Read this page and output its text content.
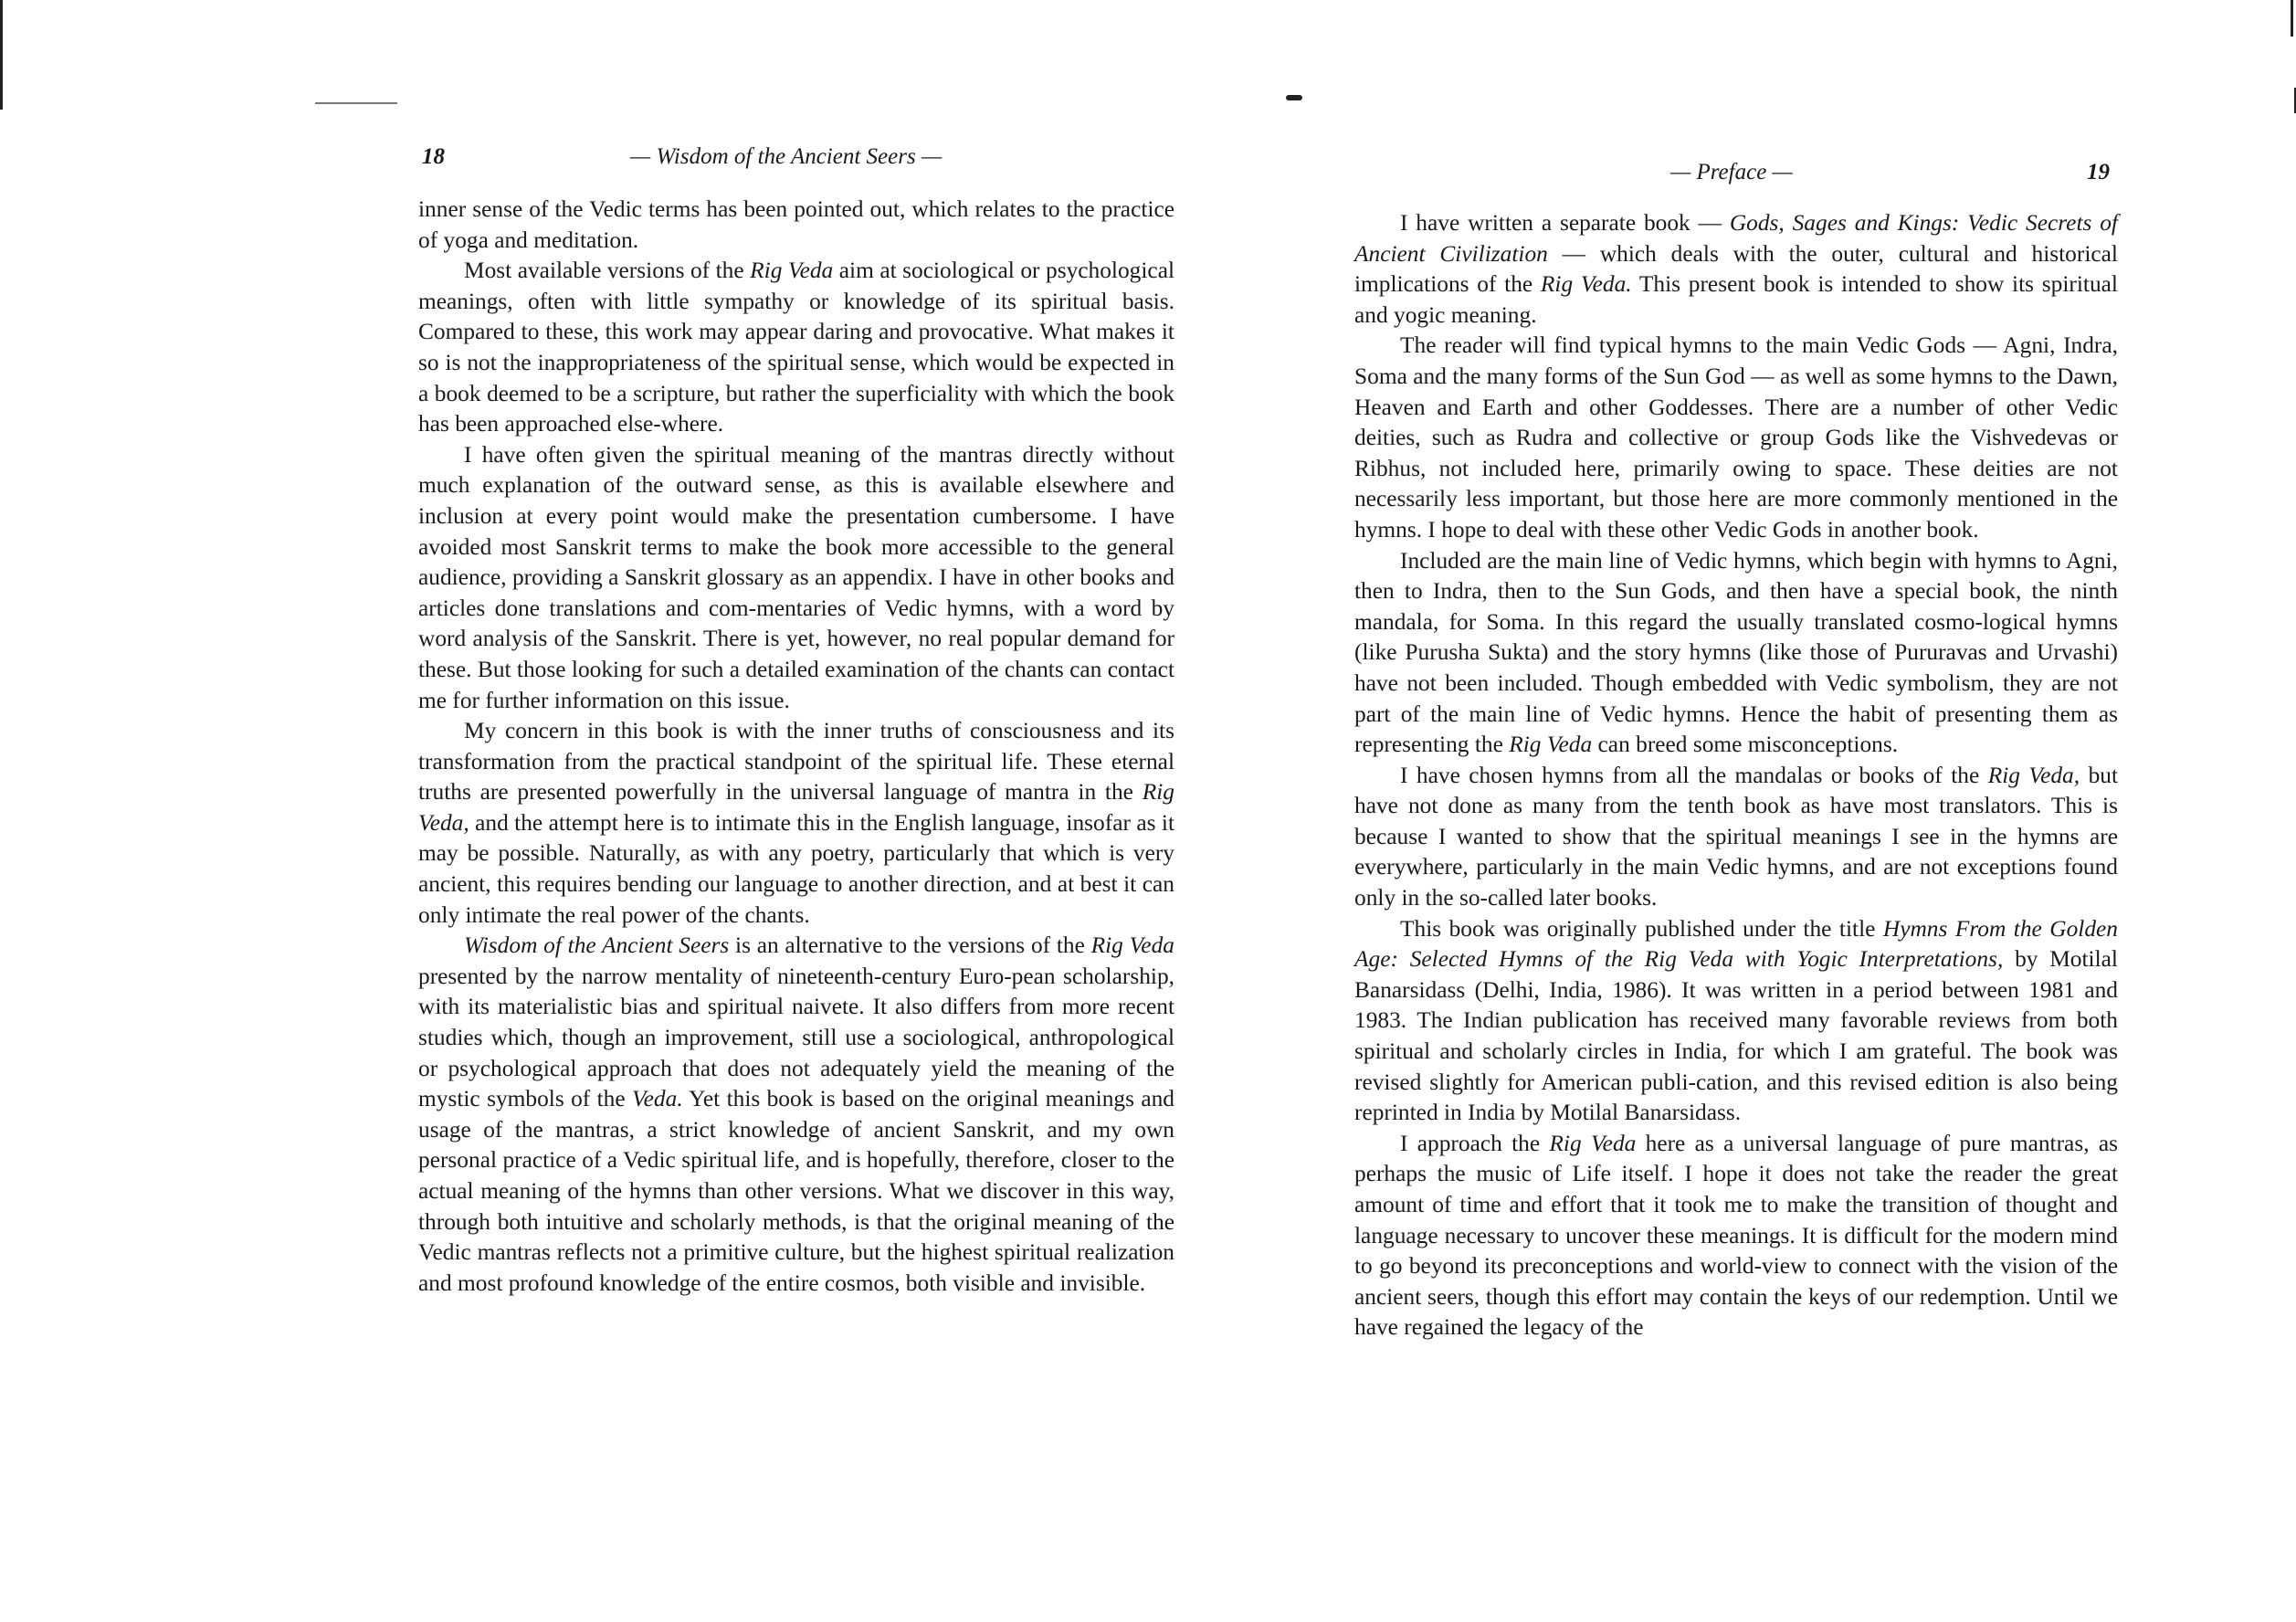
18	— Wisdom of the Ancient Seers —

inner sense of the Vedic terms has been pointed out, which relates to the practice of yoga and meditation.

Most available versions of the Rig Veda aim at sociological or psychological meanings, often with little sympathy or knowledge of its spiritual basis. Compared to these, this work may appear daring and provocative. What makes it so is not the inappropriateness of the spiritual sense, which would be expected in a book deemed to be a scripture, but rather the superficiality with which the book has been approached else-where.

I have often given the spiritual meaning of the mantras directly without much explanation of the outward sense, as this is available elsewhere and inclusion at every point would make the presentation cumbersome. I have avoided most Sanskrit terms to make the book more accessible to the general audience, providing a Sanskrit glossary as an appendix. I have in other books and articles done translations and com-mentaries of Vedic hymns, with a word by word analysis of the Sanskrit. There is yet, however, no real popular demand for these. But those looking for such a detailed examination of the chants can contact me for further information on this issue.

My concern in this book is with the inner truths of consciousness and its transformation from the practical standpoint of the spiritual life. These eternal truths are presented powerfully in the universal language of mantra in the Rig Veda, and the attempt here is to intimate this in the English language, insofar as it may be possible. Naturally, as with any poetry, particularly that which is very ancient, this requires bending our language to another direction, and at best it can only intimate the real power of the chants.

Wisdom of the Ancient Seers is an alternative to the versions of the Rig Veda presented by the narrow mentality of nineteenth-century Euro-pean scholarship, with its materialistic bias and spiritual naivete. It also differs from more recent studies which, though an improvement, still use a sociological, anthropological or psychological approach that does not adequately yield the meaning of the mystic symbols of the Veda. Yet this book is based on the original meanings and usage of the mantras, a strict knowledge of ancient Sanskrit, and my own personal practice of a Vedic spiritual life, and is hopefully, therefore, closer to the actual meaning of the hymns than other versions. What we discover in this way, through both intuitive and scholarly methods, is that the original meaning of the Vedic mantras reflects not a primitive culture, but the highest spiritual realization and most profound knowledge of the entire cosmos, both visible and invisible.

— Preface —	19

I have written a separate book — Gods, Sages and Kings: Vedic Secrets of Ancient Civilization — which deals with the outer, cultural and historical implications of the Rig Veda. This present book is intended to show its spiritual and yogic meaning.

The reader will find typical hymns to the main Vedic Gods — Agni, Indra, Soma and the many forms of the Sun God — as well as some hymns to the Dawn, Heaven and Earth and other Goddesses. There are a number of other Vedic deities, such as Rudra and collective or group Gods like the Vishvedevas or Ribhus, not included here, primarily owing to space. These deities are not necessarily less important, but those here are more commonly mentioned in the hymns. I hope to deal with these other Vedic Gods in another book.

Included are the main line of Vedic hymns, which begin with hymns to Agni, then to Indra, then to the Sun Gods, and then have a special book, the ninth mandala, for Soma. In this regard the usually translated cosmo-logical hymns (like Purusha Sukta) and the story hymns (like those of Pururavas and Urvashi) have not been included. Though embedded with Vedic symbolism, they are not part of the main line of Vedic hymns. Hence the habit of presenting them as representing the Rig Veda can breed some misconceptions.

I have chosen hymns from all the mandalas or books of the Rig Veda, but have not done as many from the tenth book as have most translators. This is because I wanted to show that the spiritual meanings I see in the hymns are everywhere, particularly in the main Vedic hymns, and are not exceptions found only in the so-called later books.

This book was originally published under the title Hymns From the Golden Age: Selected Hymns of the Rig Veda with Yogic Interpretations, by Motilal Banarsidass (Delhi, India, 1986). It was written in a period between 1981 and 1983. The Indian publication has received many favorable reviews from both spiritual and scholarly circles in India, for which I am grateful. The book was revised slightly for American publi-cation, and this revised edition is also being reprinted in India by Motilal Banarsidass.

I approach the Rig Veda here as a universal language of pure mantras, as perhaps the music of Life itself. I hope it does not take the reader the great amount of time and effort that it took me to make the transition of thought and language necessary to uncover these meanings. It is difficult for the modern mind to go beyond its preconceptions and world-view to connect with the vision of the ancient seers, though this effort may contain the keys of our redemption. Until we have regained the legacy of the
